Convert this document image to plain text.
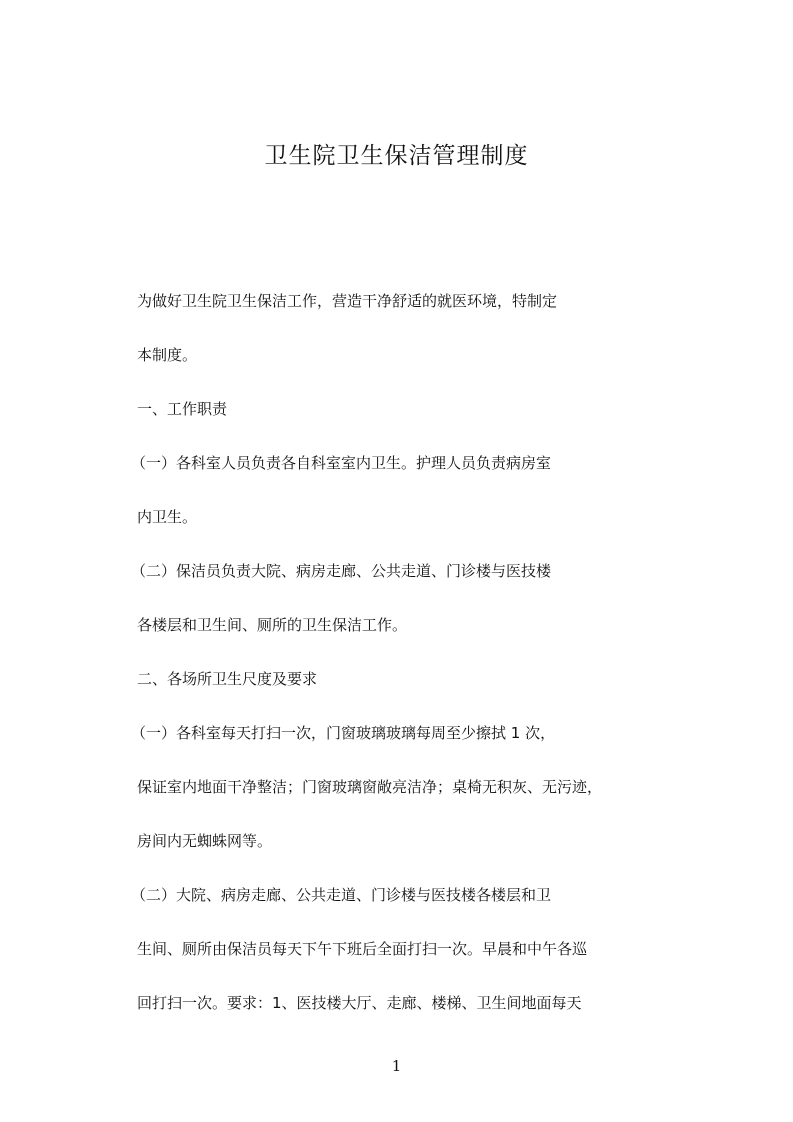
卫生院卫生保洁管理制度

为做好卫生院卫生保洁工作，营造干净舒适的就医环境，特制定

本制度。

一、工作职责

（一）各科室人员负责各自科室室内卫生。护理人员负责病房室

内卫生。

（二）保洁员负责大院、病房走廊、公共走道、门诊楼与医技楼

各楼层和卫生间、厕所的卫生保洁工作。

二、各场所卫生尺度及要求

（一）各科室每天打扫一次，门窗玻璃玻璃每周至少擦拭 1 次，

保证室内地面干净整洁；门窗玻璃窗敞亮洁净；桌椅无积灰、无污迹，

房间内无蜘蛛网等。

（二）大院、病房走廊、公共走道、门诊楼与医技楼各楼层和卫

生间、厕所由保洁员每天下午下班后全面打扫一次。早晨和中午各巡

回打扫一次。要求：1、医技楼大厅、走廊、楼梯、卫生间地面每天

1
